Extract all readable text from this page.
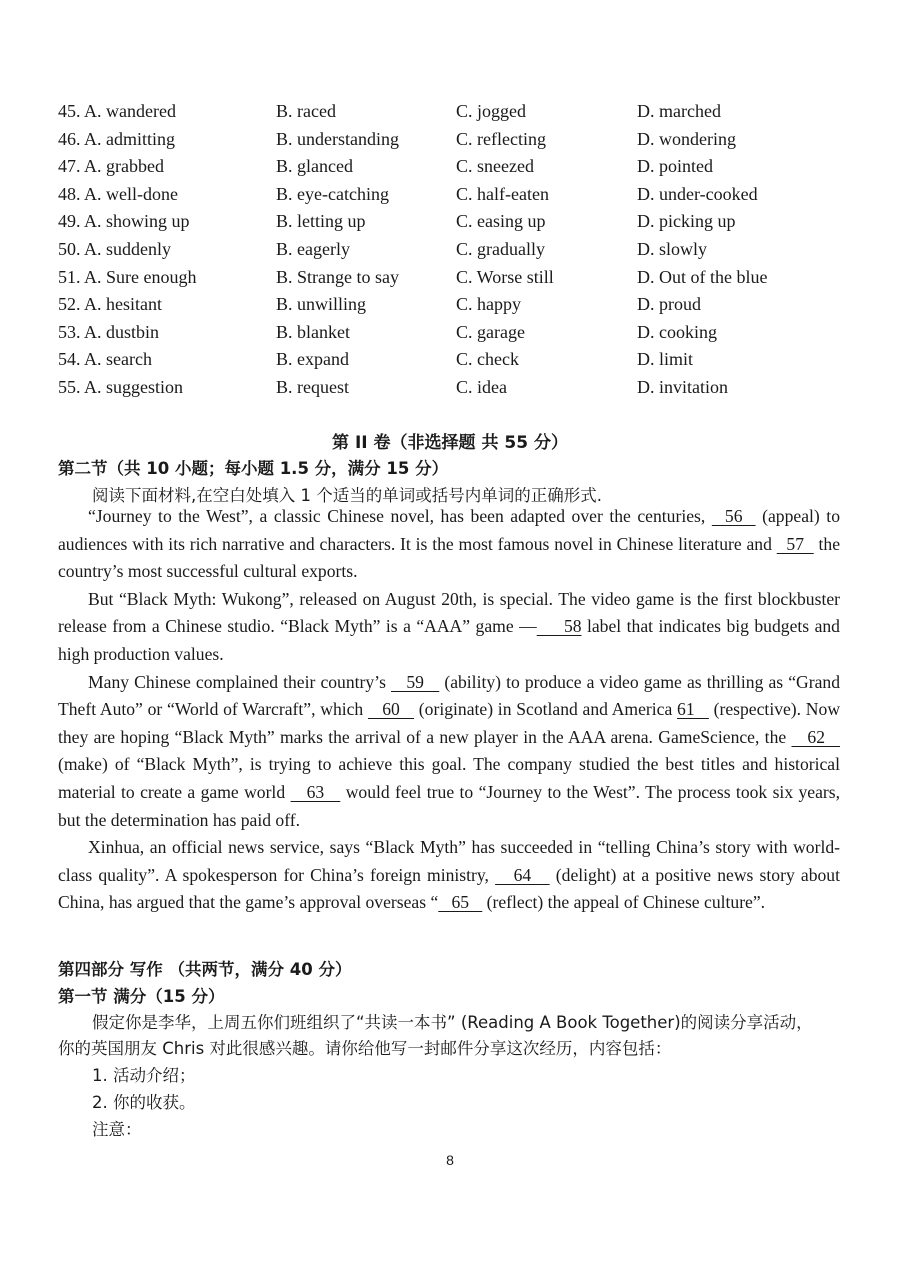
45. A. wandered	B. raced	C. jogged	D. marched
46. A. admitting	B. understanding	C. reflecting	D. wondering
47. A. grabbed	B. glanced	C. sneezed	D. pointed
48. A. well-done	B. eye-catching	C. half-eaten	D. under-cooked
49. A. showing up	B. letting up	C. easing up	D. picking up
50. A. suddenly	B. eagerly	C. gradually	D. slowly
51. A. Sure enough	B. Strange to say	C. Worse still	D. Out of the blue
52. A. hesitant	B. unwilling	C. happy	D. proud
53. A. dustbin	B. blanket	C. garage	D. cooking
54. A. search	B. expand	C. check	D. limit
55. A. suggestion	B. request	C. idea	D. invitation
第 II 卷（非选择题 共 55 分）
第二节（共 10 小题；每小题 1.5 分，满分 15 分）
阅读下面材料,在空白处填入 1 个适当的单词或括号内单词的正确形式.

“Journey to the West”, a classic Chinese novel, has been adapted over the centuries,   56   (appeal) to audiences with its rich narrative and characters. It is the most famous novel in Chinese literature and   57   the country’s most successful cultural exports.

But “Black Myth: Wukong”, released on August 20th, is special. The video game is the first blockbuster release from a Chinese studio. “Black Myth” is a “AAA” game —     58 label that indicates big budgets and high production values.

Many Chinese complained their country’s    59    (ability) to produce a video game as thrilling as “Grand Theft Auto” or “World of Warcraft”, which    60    (originate) in Scotland and America 61    (respective). Now they are hoping “Black Myth” marks the arrival of a new player in the AAA arena. GameScience, the    62    (make) of “Black Myth”, is trying to achieve this goal. The company studied the best titles and historical material to create a game world    63    would feel true to “Journey to the West”. The process took six years, but the determination has paid off.

Xinhua, an official news service, says “Black Myth” has succeeded in “telling China’s story with world-class quality”. A spokesperson for China’s foreign ministry,    64    (delight) at a positive news story about China, has argued that the game’s approval overseas “   65    (reflect) the appeal of Chinese culture”.

第四部分 写作 （共两节，满分 40 分）
第一节 满分（15 分）
假定你是李华，上周五你们班组织了“共读一本书” (Reading A Book Together)的阅读分享活动，
你的英国朋友 Chris 对此很感兴趣。请你给他写一封邮件分享这次经历，内容包括：
1. 活动介绍；
2. 你的收获。
注意：
8
